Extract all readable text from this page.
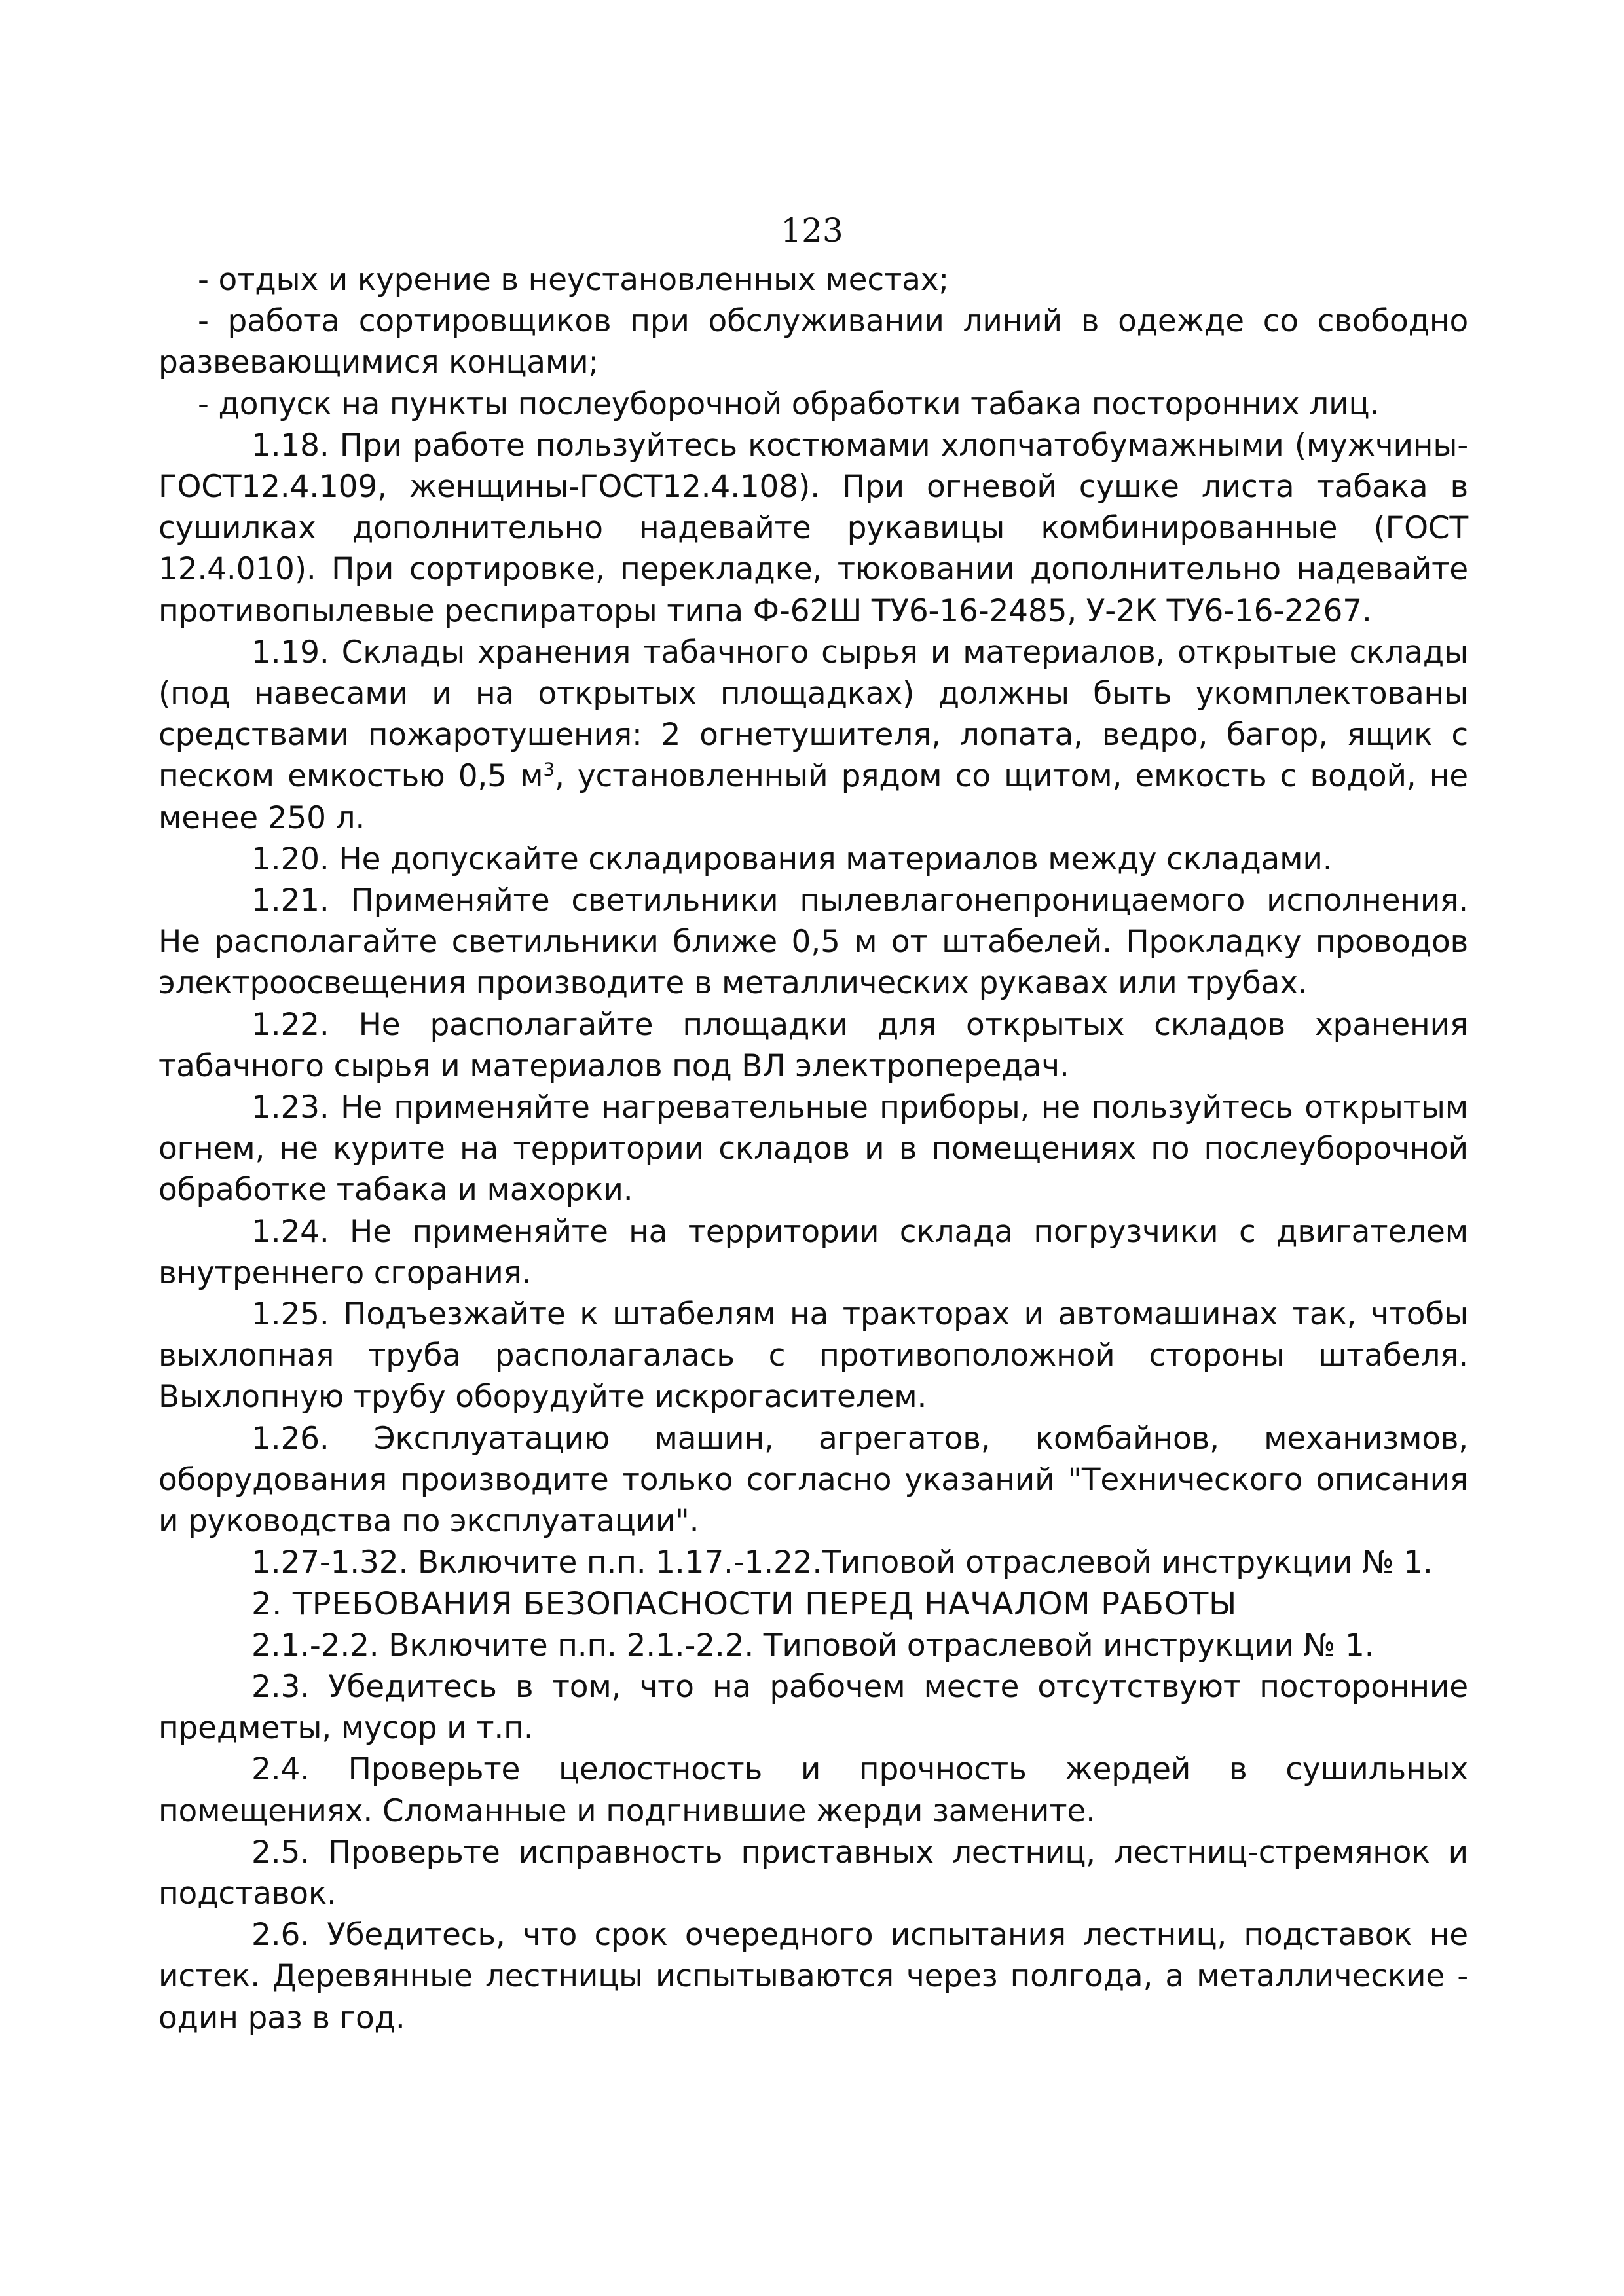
123

- отдых и курение в неустановленных местах;

- работа сортировщиков при обслуживании линий в одежде со свободно развевающимися концами;

- допуск на пункты послеуборочной обработки табака посторонних лиц.

1.18. При работе пользуйтесь костюмами хлопчатобумажными (мужчины-ГОСТ12.4.109, женщины-ГОСТ12.4.108). При огневой сушке листа табака в сушилках дополнительно надевайте рукавицы комбинированные (ГОСТ 12.4.010). При сортировке, перекладке, тюковании дополнительно надевайте противопылевые респираторы типа Ф-62Ш ТУ6-16-2485, У-2К ТУ6-16-2267.

1.19. Склады хранения табачного сырья и материалов, открытые склады (под навесами и на открытых площадках) должны быть укомплектованы средствами пожаротушения: 2 огнетушителя, лопата, ведро, багор, ящик с песком емкостью 0,5 $м^3$, установленный рядом со щитом, емкость с водой, не менее 250 л.

1.20. Не допускайте складирования материалов между складами.

1.21. Применяйте светильники пылевлагонепроницаемого исполнения. Не располагайте светильники ближе 0,5 м от штабелей. Прокладку проводов электроосвещения производите в металлических рукавах или трубах.

1.22. Не располагайте площадки для открытых складов хранения табачного сырья и материалов под ВЛ электропередач.

1.23. Не применяйте нагревательные приборы, не пользуйтесь открытым огнем, не курите на территории складов и в помещениях по послеуборочной обработке табака и махорки.

1.24. Не применяйте на территории склада погрузчики с двигателем внутреннего сгорания.

1.25. Подъезжайте к штабелям на тракторах и автомашинах так, чтобы выхлопная труба располагалась с противоположной стороны штабеля. Выхлопную трубу оборудуйте искрогасителем.

1.26. Эксплуатацию машин, агрегатов, комбайнов, механизмов, оборудования производите только согласно указаний "Технического описания и руководства по эксплуатации".

1.27-1.32. Включите п.п. 1.17.-1.22.Типовой отраслевой инструкции № 1.

2. ТРЕБОВАНИЯ БЕЗОПАСНОСТИ ПЕРЕД НАЧАЛОМ РАБОТЫ

2.1.-2.2. Включите п.п. 2.1.-2.2. Типовой отраслевой инструкции № 1.

2.3. Убедитесь в том, что на рабочем месте отсутствуют посторонние предметы, мусор и т.п.

2.4. Проверьте целостность и прочность жердей в сушильных помещениях. Сломанные и подгнившие жерди замените.

2.5. Проверьте исправность приставных лестниц, лестниц-стремянок и подставок.

2.6. Убедитесь, что срок очередного испытания лестниц, подставок не истек. Деревянные лестницы испытываются через полгода, а металлические - один раз в год.
